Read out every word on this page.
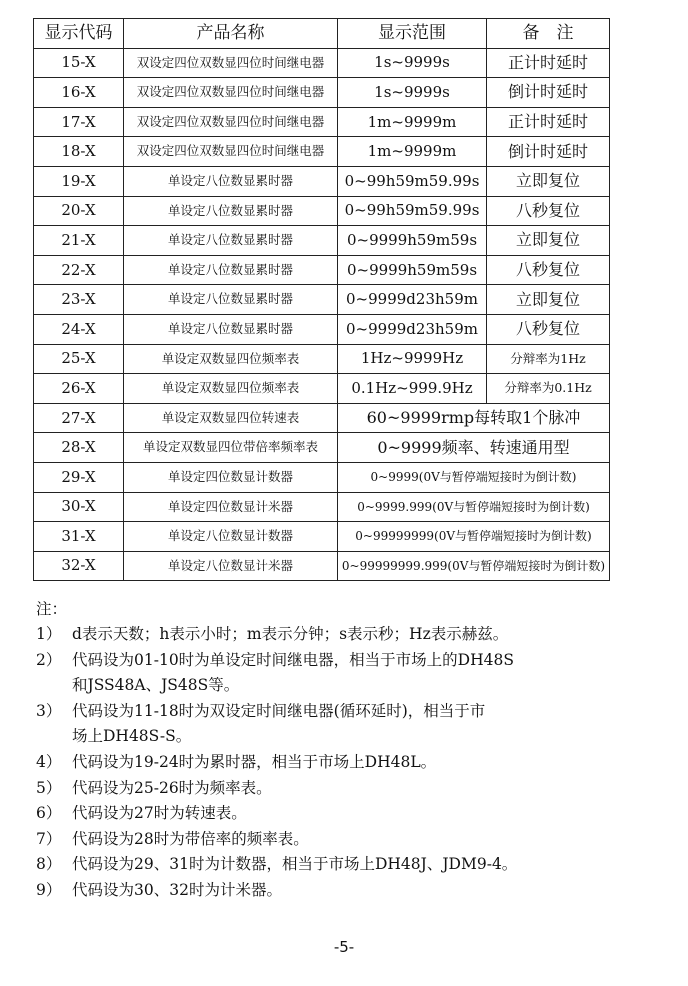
显示代码	产品名称	显示范围	备　注
15-X	双设定四位双数显四位时间继电器	1s~9999s	正计时延时
16-X	双设定四位双数显四位时间继电器	1s~9999s	倒计时延时
17-X	双设定四位双数显四位时间继电器	1m~9999m	正计时延时
18-X	双设定四位双数显四位时间继电器	1m~9999m	倒计时延时
19-X	单设定八位数显累时器	0~99h59m59.99s	立即复位
20-X	单设定八位数显累时器	0~99h59m59.99s	八秒复位
21-X	单设定八位数显累时器	0~9999h59m59s	立即复位
22-X	单设定八位数显累时器	0~9999h59m59s	八秒复位
23-X	单设定八位数显累时器	0~9999d23h59m	立即复位
24-X	单设定八位数显累时器	0~9999d23h59m	八秒复位
25-X	单设定双数显四位频率表	1Hz~9999Hz	分辩率为1Hz
26-X	单设定双数显四位频率表	0.1Hz~999.9Hz	分辩率为0.1Hz
27-X	单设定双数显四位转速表	60~9999rmp每转取1个脉冲	
28-X	单设定双数显四位带倍率频率表	0~9999频率、转速通用型	
29-X	单设定四位数显计数器	0~9999(0V与暂停端短接时为倒计数)	
30-X	单设定四位数显计米器	0~9999.999(0V与暂停端短接时为倒计数)	
31-X	单设定八位数显计数器	0~99999999(0V与暂停端短接时为倒计数)	
32-X	单设定八位数显计米器	0~99999999.999(0V与暂停端短接时为倒计数)	
注：
1） d表示天数；h表示小时；m表示分钟；s表示秒；Hz表示赫兹。
2） 代码设为01-10时为单设定时间继电器，相当于市场上的DH48S
和JSS48A、JS48S等。
3） 代码设为11-18时为双设定时间继电器(循环延时)，相当于市
场上DH48S-S。
4） 代码设为19-24时为累时器，相当于市场上DH48L。
5） 代码设为25-26时为频率表。
6） 代码设为27时为转速表。
7） 代码设为28时为带倍率的频率表。
8） 代码设为29、31时为计数器，相当于市场上DH48J、JDM9-4。
9） 代码设为30、32时为计米器。
-5-
